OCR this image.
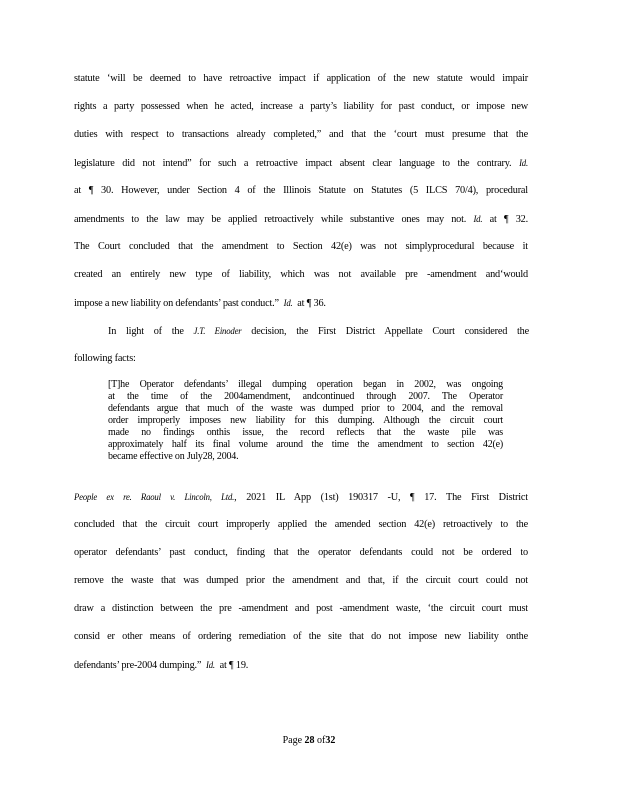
statute ‘will be deemed to have retroactive impact if application of the new statute would impair
rights a party possessed when he acted, increase a party’s liability for past conduct, or impose new
duties with respect to transactions already completed,” and that the ‘court must presume that the
legislature did not intend” for such a retroactive impact absent clear language to the contrary. Id.
at ¶ 30. However, under Section 4 of the Illinois Statute on Statutes (5 ILCS 70/4), procedural
amendments to the law may be applied retroactively while substantive ones may not. Id. at ¶ 32.
The Court concluded that the amendment to Section 42(e) was not simplyprocedural because it
created an entirely new type of liability, which was not available pre -amendment and‘would
impose a new liability on defendants’ past conduct.” Id. at ¶ 36.
In light of the J.T. Einoder decision, the First District Appellate Court considered the
following facts:
[T]he Operator defendants’ illegal dumping operation began in 2002, was ongoing
at the time of the 2004amendment, andcontinued through 2007. The Operator
defendants argue that much of the waste was dumped prior to 2004, and the removal
order improperly imposes new liability for this dumping. Although the circuit court
made no findings onthis issue, the record reflects that the waste pile was
approximately half its final volume around the time the amendment to section 42(e)
became effective on July28, 2004.
People ex re. Raoul v. Lincoln, Ltd., 2021 IL App (1st) 190317 -U, ¶ 17. The First District
concluded that the circuit court improperly applied the amended section 42(e) retroactively to the
operator defendants’ past conduct, finding that the operator defendants could not be ordered to
remove the waste that was dumped prior the amendment and that, if the circuit court could not
draw a distinction between the pre -amendment and post -amendment waste, ‘the circuit court must
consid er other means of ordering remediation of the site that do not impose new liability onthe
defendants’ pre-2004 dumping.” Id. at ¶ 19.
Page 28 of32
